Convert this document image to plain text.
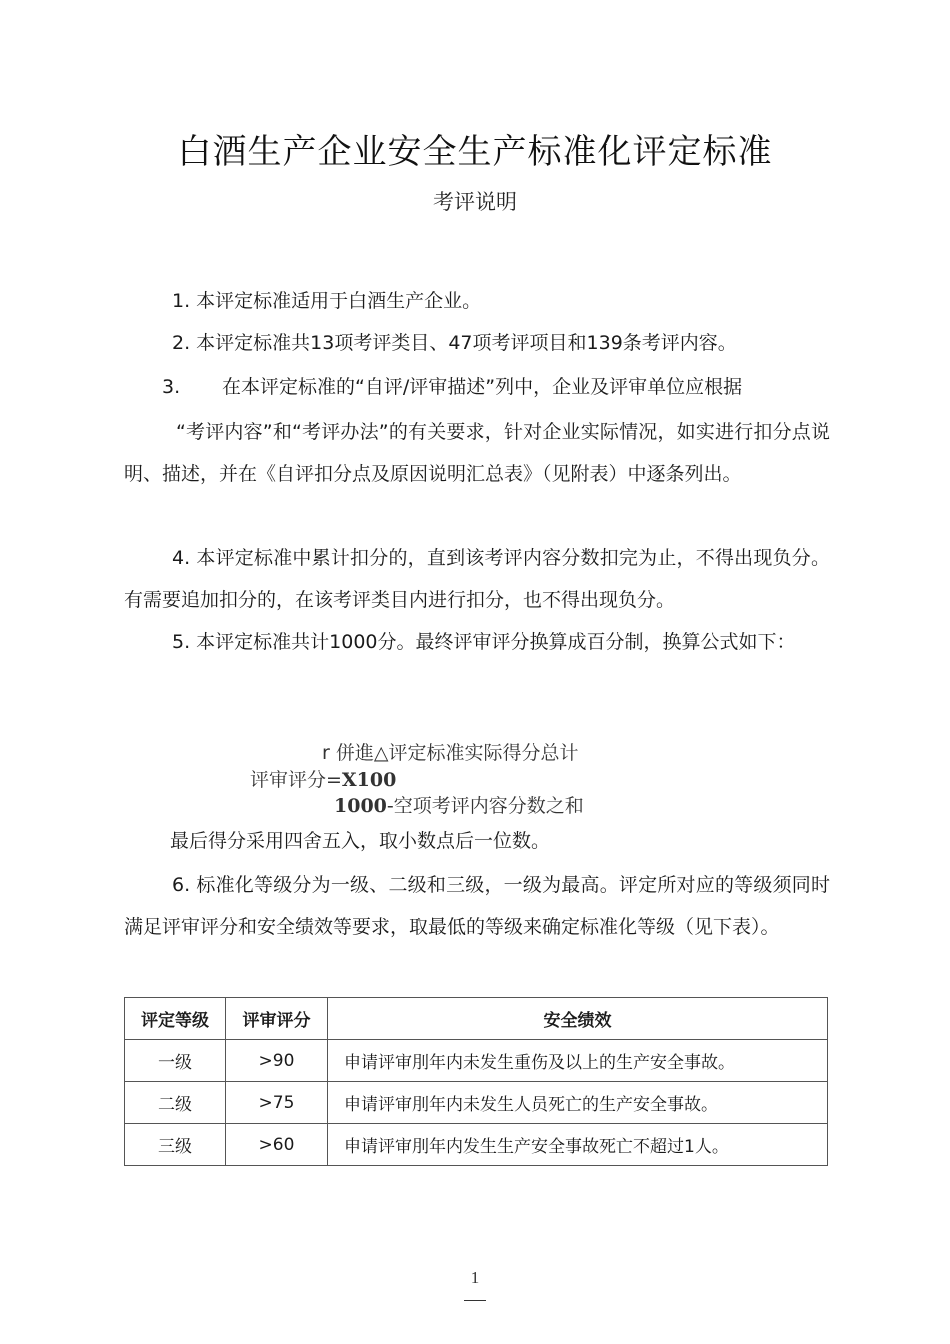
白酒生产企业安全生产标准化评定标准
考评说明
1. 本评定标准适用于白酒生产企业。
2. 本评定标准共13项考评类目、47项考评项目和139条考评内容。
3. 在本评定标准的“自评/评审描述”列中，企业及评审单位应根据
“考评内容”和“考评办法”的有关要求，针对企业实际情况，如实进行扣分点说明、描述，并在《自评扣分点及原因说明汇总表》（见附表）中逐条列出。
4. 本评定标准中累计扣分的，直到该考评内容分数扣完为止，不得出现负分。有需要追加扣分的，在该考评类目内进行扣分，也不得出现负分。
5. 本评定标准共计1000分。最终评审评分换算成百分制，换算公式如下：
r 併進△评定标准实际得分总计
评审评分=X100
1000-空项考评内容分数之和
最后得分采用四舍五入，取小数点后一位数。
6. 标准化等级分为一级、二级和三级，一级为最高。评定所对应的等级须同时满足评审评分和安全绩效等要求，取最低的等级来确定标准化等级（见下表）。
评定等级	评审评分	安全绩效
一级	>90	申请评审刖年内未发生重伤及以上的生产安全事故。
二级	>75	申请评审刖年内未发生人员死亡的生产安全事故。
三级	>60	申请评审刖年内发生生产安全事故死亡不超过1人。
1
